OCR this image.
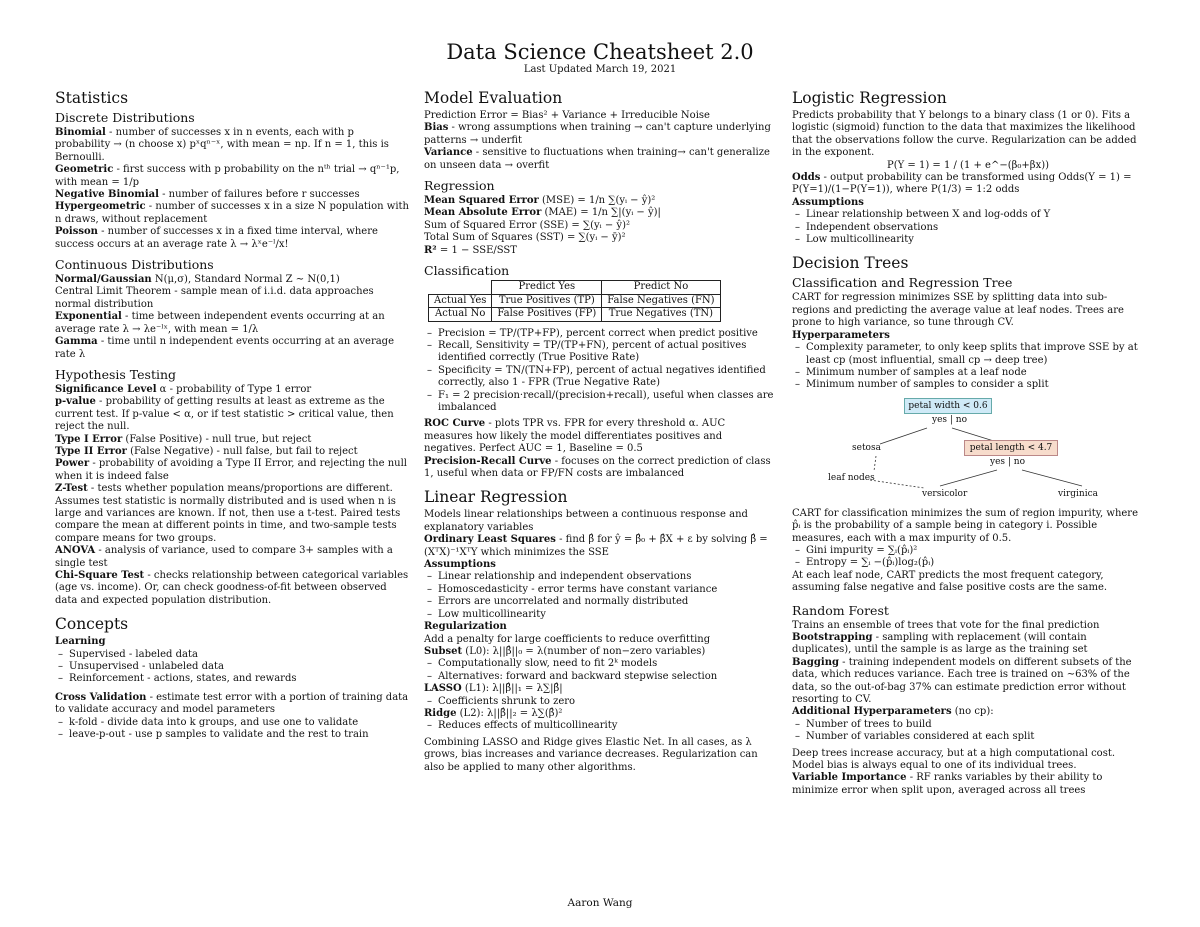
Data Science Cheatsheet 2.0
Last Updated March 19, 2021
Statistics
Discrete Distributions

Binomial - number of successes x in n events, each with p probability → (n choose x) pˣqⁿ⁻ˣ, with mean = np. If n = 1, this is Bernoulli.

Geometric - first success with p probability on the nᵗʰ trial → qⁿ⁻¹p, with mean = 1/p

Negative Binomial - number of failures before r successes

Hypergeometric - number of successes x in a size N population with n draws, without replacement

Poisson - number of successes x in a fixed time interval, where success occurs at an average rate λ → λˣe⁻ˡ/x!

Continuous Distributions

Normal/Gaussian N(μ,σ), Standard Normal Z ∼ N(0,1)

Central Limit Theorem - sample mean of i.i.d. data approaches normal distribution

Exponential - time between independent events occurring at an average rate λ → λe⁻ˡˣ, with mean = 1/λ

Gamma - time until n independent events occurring at an average rate λ

Hypothesis Testing

Significance Level α - probability of Type 1 error

p-value - probability of getting results at least as extreme as the current test. If p-value < α, or if test statistic > critical value, then reject the null.

Type I Error (False Positive) - null true, but reject

Type II Error (False Negative) - null false, but fail to reject

Power - probability of avoiding a Type II Error, and rejecting the null when it is indeed false

Z-Test - tests whether population means/proportions are different. Assumes test statistic is normally distributed and is used when n is large and variances are known. If not, then use a t-test. Paired tests compare the mean at different points in time, and two-sample tests compare means for two groups.

ANOVA - analysis of variance, used to compare 3+ samples with a single test

Chi-Square Test - checks relationship between categorical variables (age vs. income). Or, can check goodness-of-fit between observed data and expected population distribution.

Concepts

Learning

– Supervised - labeled data
– Unsupervised - unlabeled data
– Reinforcement - actions, states, and rewards

Cross Validation - estimate test error with a portion of training data to validate accuracy and model parameters

– k-fold - divide data into k groups, and use one to validate
– leave-p-out - use p samples to validate and the rest to train
Model Evaluation

Prediction Error = Bias² + Variance + Irreducible Noise

Bias - wrong assumptions when training → can't capture underlying patterns → underfit

Variance - sensitive to fluctuations when training→ can't generalize on unseen data → overfit

Regression

Mean Squared Error (MSE) = 1/n ∑(yᵢ − ŷ)²

Mean Absolute Error (MAE) = 1/n ∑|(yᵢ − ŷ)|

Sum of Squared Error (SSE) = ∑(yᵢ − ŷ)²

Total Sum of Squares (SST) = ∑(yᵢ − ȳ)²

R² = 1 − SSE/SST

Classification
	Predict Yes	Predict No
Actual Yes	True Positives (TP)	False Negatives (FN)
Actual No	False Positives (FP)	True Negatives (TN)
– Precision = TP/(TP+FP), percent correct when predict positive
– Recall, Sensitivity = TP/(TP+FN), percent of actual positives identified correctly (True Positive Rate)
– Specificity = TN/(TN+FP), percent of actual negatives identified correctly, also 1 - FPR (True Negative Rate)
– F₁ = 2 precision·recall/(precision+recall), useful when classes are imbalanced

ROC Curve - plots TPR vs. FPR for every threshold α. AUC measures how likely the model differentiates positives and negatives. Perfect AUC = 1, Baseline = 0.5

Precision-Recall Curve - focuses on the correct prediction of class 1, useful when data or FP/FN costs are imbalanced

Linear Regression

Models linear relationships between a continuous response and explanatory variables

Ordinary Least Squares - find β̂ for ŷ = β̂₀ + β̂X + ε by solving β̂ = (XᵀX)⁻¹XᵀY which minimizes the SSE

Assumptions

– Linear relationship and independent observations
– Homoscedasticity - error terms have constant variance
– Errors are uncorrelated and normally distributed
– Low multicollinearity

Regularization

Add a penalty for large coefficients to reduce overfitting

Subset (L0): λ||β̂||₀ = λ(number of non−zero variables)

– Computationally slow, need to fit 2ᵏ models
– Alternatives: forward and backward stepwise selection

LASSO (L1): λ||β̂||₁ = λ∑|β̂|

– Coefficients shrunk to zero

Ridge (L2): λ||β̂||₂ = λ∑(β̂)²

– Reduces effects of multicollinearity

Combining LASSO and Ridge gives Elastic Net. In all cases, as λ grows, bias increases and variance decreases. Regularization can also be applied to many other algorithms.

Logistic Regression

Predicts probability that Y belongs to a binary class (1 or 0). Fits a logistic (sigmoid) function to the data that maximizes the likelihood that the observations follow the curve. Regularization can be added in the exponent.

P(Y = 1) = 1 / (1 + e^−(β₀+βx))

Odds - output probability can be transformed using Odds(Y = 1) = P(Y=1)/(1−P(Y=1)), where P(1/3) = 1:2 odds

Assumptions

– Linear relationship between X and log-odds of Y
– Independent observations
– Low multicollinearity
Decision Trees
Classification and Regression Tree

CART for regression minimizes SSE by splitting data into sub-regions and predicting the average value at leaf nodes. Trees are prone to high variance, so tune through CV.

Hyperparameters

– Complexity parameter, to only keep splits that improve SSE by at least cp (most influential, small cp → deep tree)
– Minimum number of samples at a leaf node
– Minimum number of samples to consider a split
petal width < 0.6
yes | no
setosa	petal length < 4.7
yes | no
leaf nodes
versicolor	virginica

CART for classification minimizes the sum of region impurity, where p̂ᵢ is the probability of a sample being in category i. Possible measures, each with a max impurity of 0.5.

– Gini impurity = ∑ᵢ(p̂ᵢ)²
– Entropy = ∑ᵢ −(p̂ᵢ)log₂(p̂ᵢ)

At each leaf node, CART predicts the most frequent category, assuming false negative and false positive costs are the same.

Random Forest

Trains an ensemble of trees that vote for the final prediction

Bootstrapping - sampling with replacement (will contain duplicates), until the sample is as large as the training set

Bagging - training independent models on different subsets of the data, which reduces variance. Each tree is trained on ∼63% of the data, so the out-of-bag 37% can estimate prediction error without resorting to CV.

Additional Hyperparameters (no cp):

– Number of trees to build
– Number of variables considered at each split

Deep trees increase accuracy, but at a high computational cost. Model bias is always equal to one of its individual trees.

Variable Importance - RF ranks variables by their ability to minimize error when split upon, averaged across all trees

Aaron Wang
